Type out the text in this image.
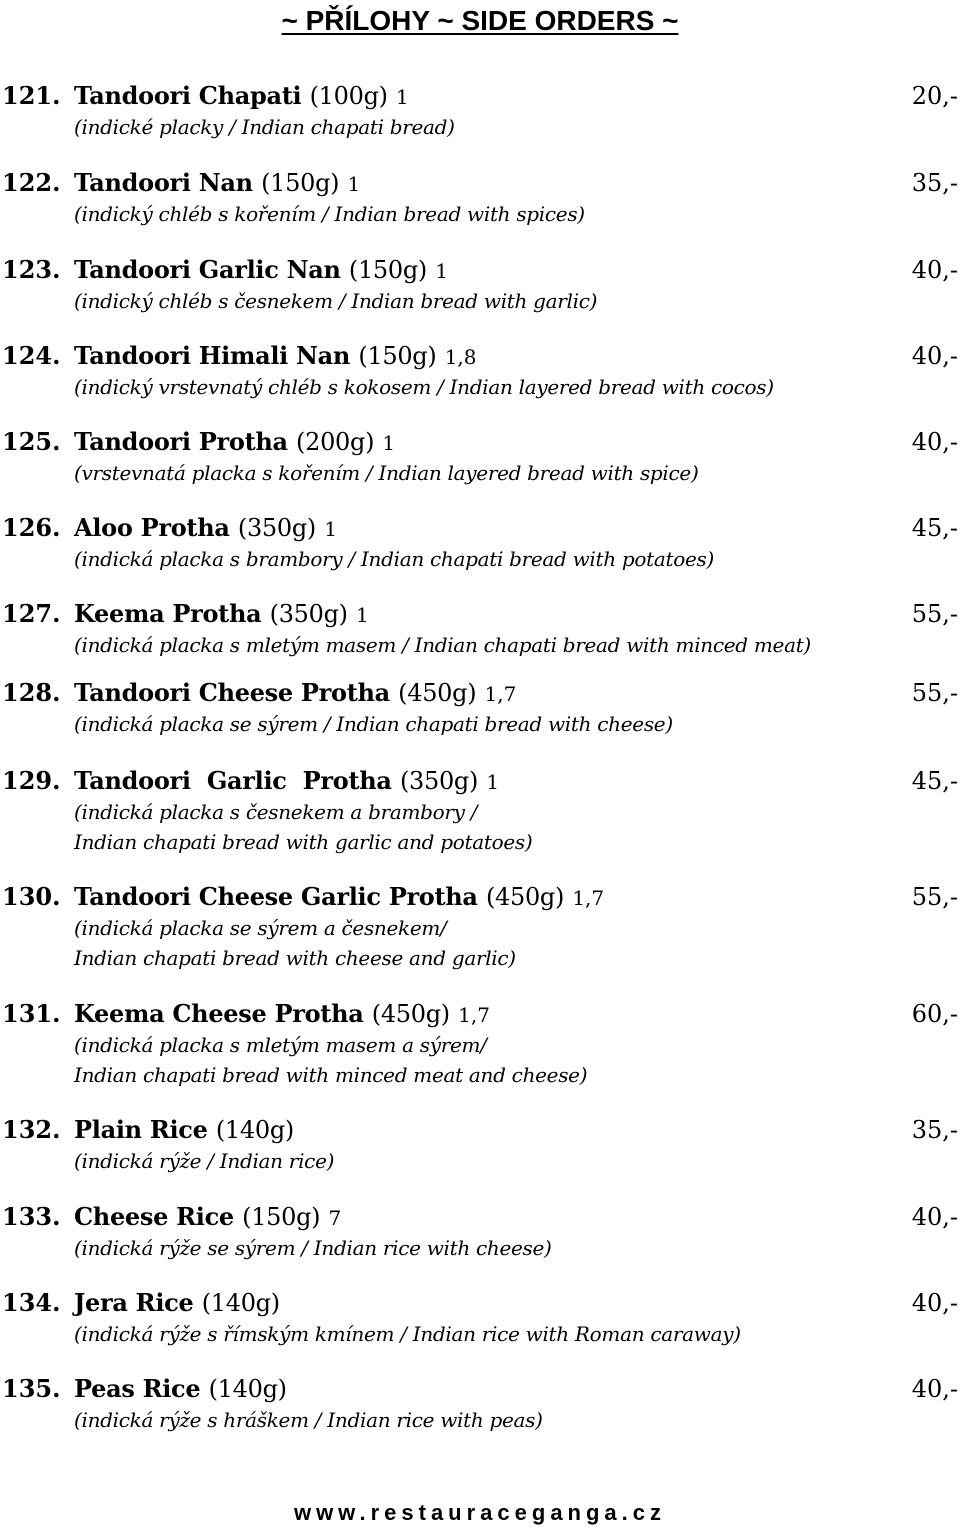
~ PŘÍLOHY ~ SIDE ORDERS ~
121. Tandoori Chapati (100g) 1	20,-
(indické placky / Indian chapati bread)
122. Tandoori Nan (150g) 1	35,-
(indický chléb s kořením / Indian bread with spices)
123. Tandoori Garlic Nan (150g) 1	40,-
(indický chléb s česnekem / Indian bread with garlic)
124. Tandoori Himali Nan (150g) 1,8	40,-
(indický vrstevnatý chléb s kokosem / Indian layered bread with cocos)
125. Tandoori Protha (200g) 1	40,-
(vrstevnatá placka s kořením / Indian layered bread with spice)
126. Aloo Protha (350g) 1	45,-
(indická placka s brambory / Indian chapati bread with potatoes)
127. Keema Protha (350g) 1	55,-
(indická placka s mletým masem / Indian chapati bread with minced meat)
128. Tandoori Cheese Protha (450g) 1,7	55,-
(indická placka se sýrem / Indian chapati bread with cheese)
129. Tandoori  Garlic  Protha (350g) 1	45,-
(indická placka s česnekem a brambory /
Indian chapati bread with garlic and potatoes)
130. Tandoori Cheese Garlic Protha (450g) 1,7	55,-
(indická placka se sýrem a česnekem/
Indian chapati bread with cheese and garlic)
131. Keema Cheese Protha (450g) 1,7	60,-
(indická placka s mletým masem a sýrem/
Indian chapati bread with minced meat and cheese)
132. Plain Rice (140g)	35,-
(indická rýže / Indian rice)
133. Cheese Rice (150g) 7	40,-
(indická rýže se sýrem / Indian rice with cheese)
134. Jera Rice (140g)	40,-
(indická rýže s římským kmínem / Indian rice with Roman caraway)
135. Peas Rice (140g)	40,-
(indická rýže s hráškem / Indian rice with peas)
www.restauraceganga.cz
